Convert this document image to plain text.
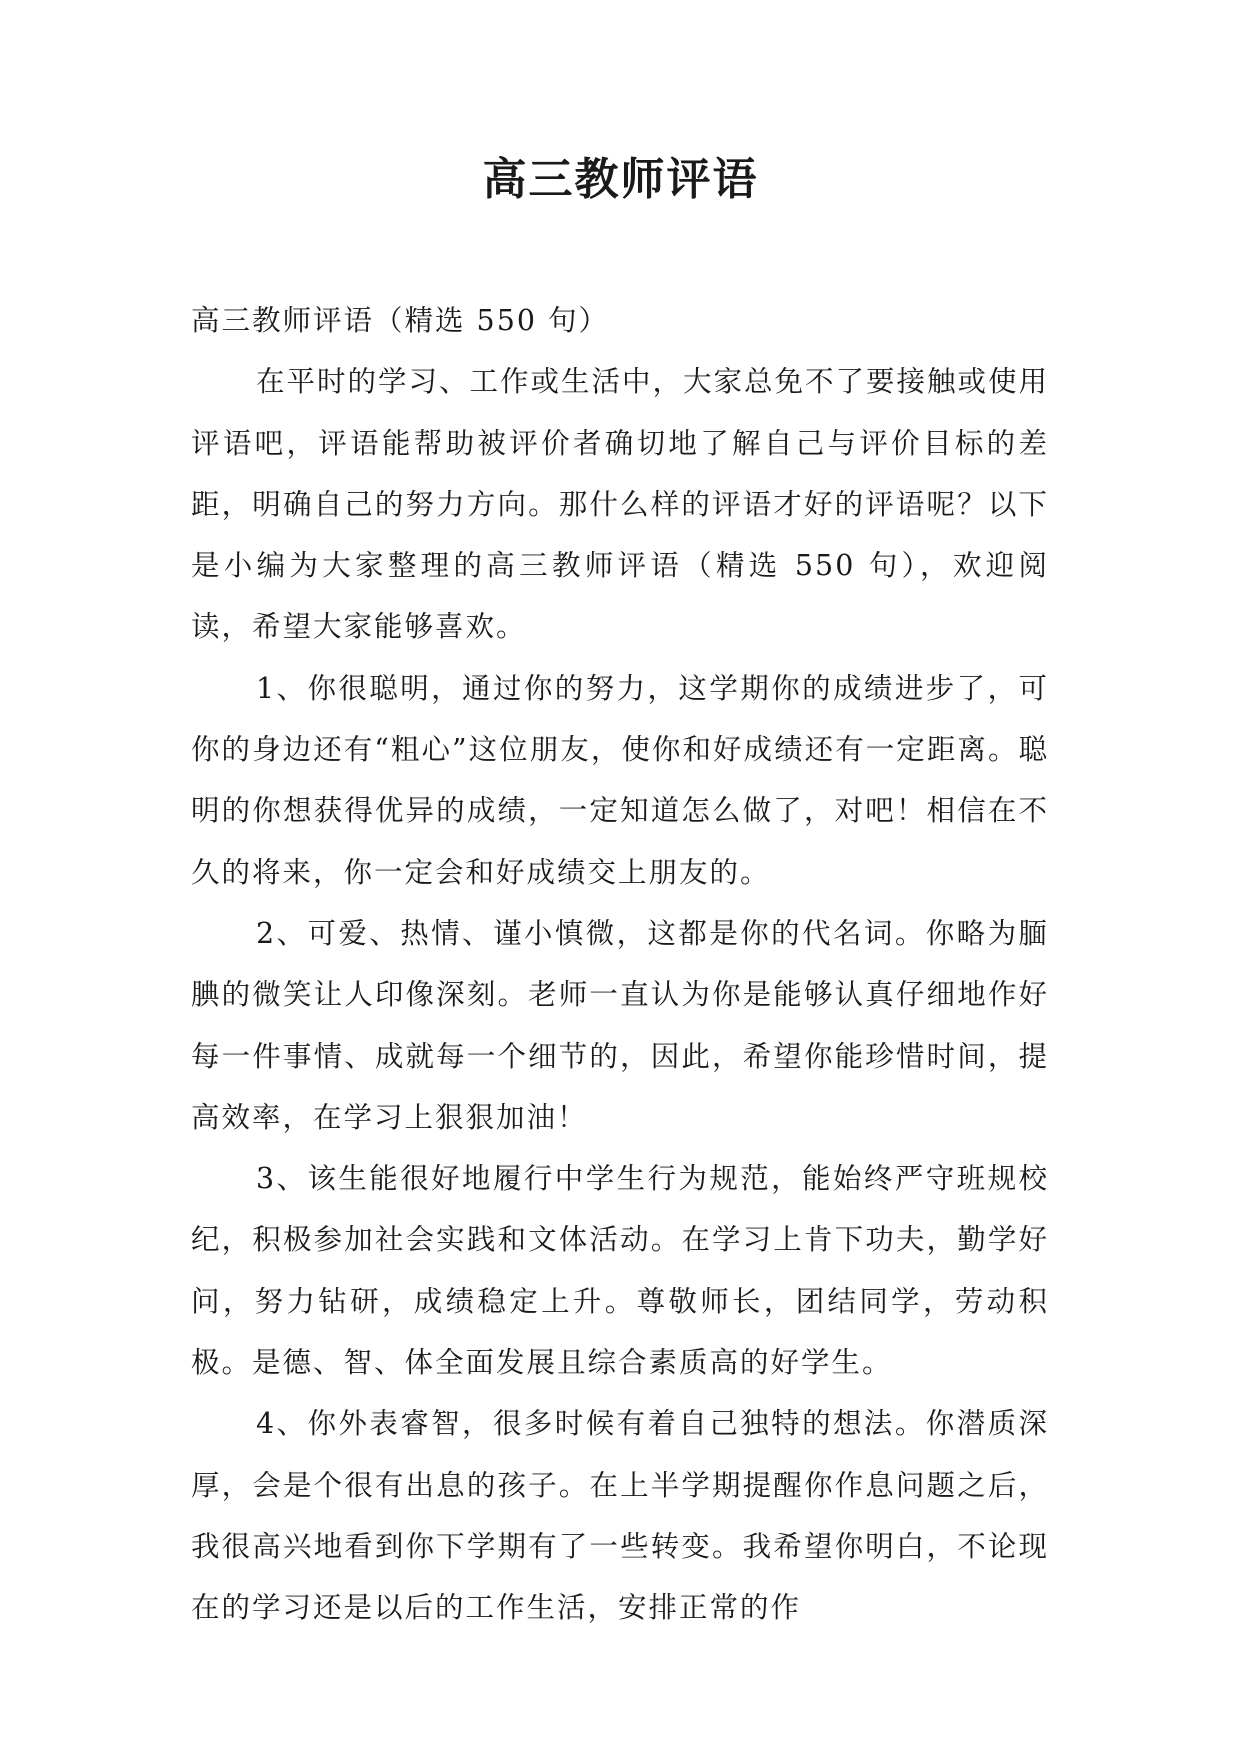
高三教师评语

高三教师评语（精选 550 句）

在平时的学习、工作或生活中，大家总免不了要接触或使用评语吧，评语能帮助被评价者确切地了解自己与评价目标的差距，明确自己的努力方向。那什么样的评语才好的评语呢？以下是小编为大家整理的高三教师评语（精选 550 句），欢迎阅读，希望大家能够喜欢。

1、你很聪明，通过你的努力，这学期你的成绩进步了，可你的身边还有“粗心”这位朋友，使你和好成绩还有一定距离。聪明的你想获得优异的成绩，一定知道怎么做了，对吧！相信在不久的将来，你一定会和好成绩交上朋友的。

2、可爱、热情、谨小慎微，这都是你的代名词。你略为腼腆的微笑让人印像深刻。老师一直认为你是能够认真仔细地作好每一件事情、成就每一个细节的，因此，希望你能珍惜时间，提高效率，在学习上狠狠加油！

3、该生能很好地履行中学生行为规范，能始终严守班规校纪，积极参加社会实践和文体活动。在学习上肯下功夫，勤学好问，努力钻研，成绩稳定上升。尊敬师长，团结同学，劳动积极。是德、智、体全面发展且综合素质高的好学生。

4、你外表睿智，很多时候有着自己独特的想法。你潜质深厚，会是个很有出息的孩子。在上半学期提醒你作息问题之后，我很高兴地看到你下学期有了一些转变。我希望你明白，不论现在的学习还是以后的工作生活，安排正常的作
